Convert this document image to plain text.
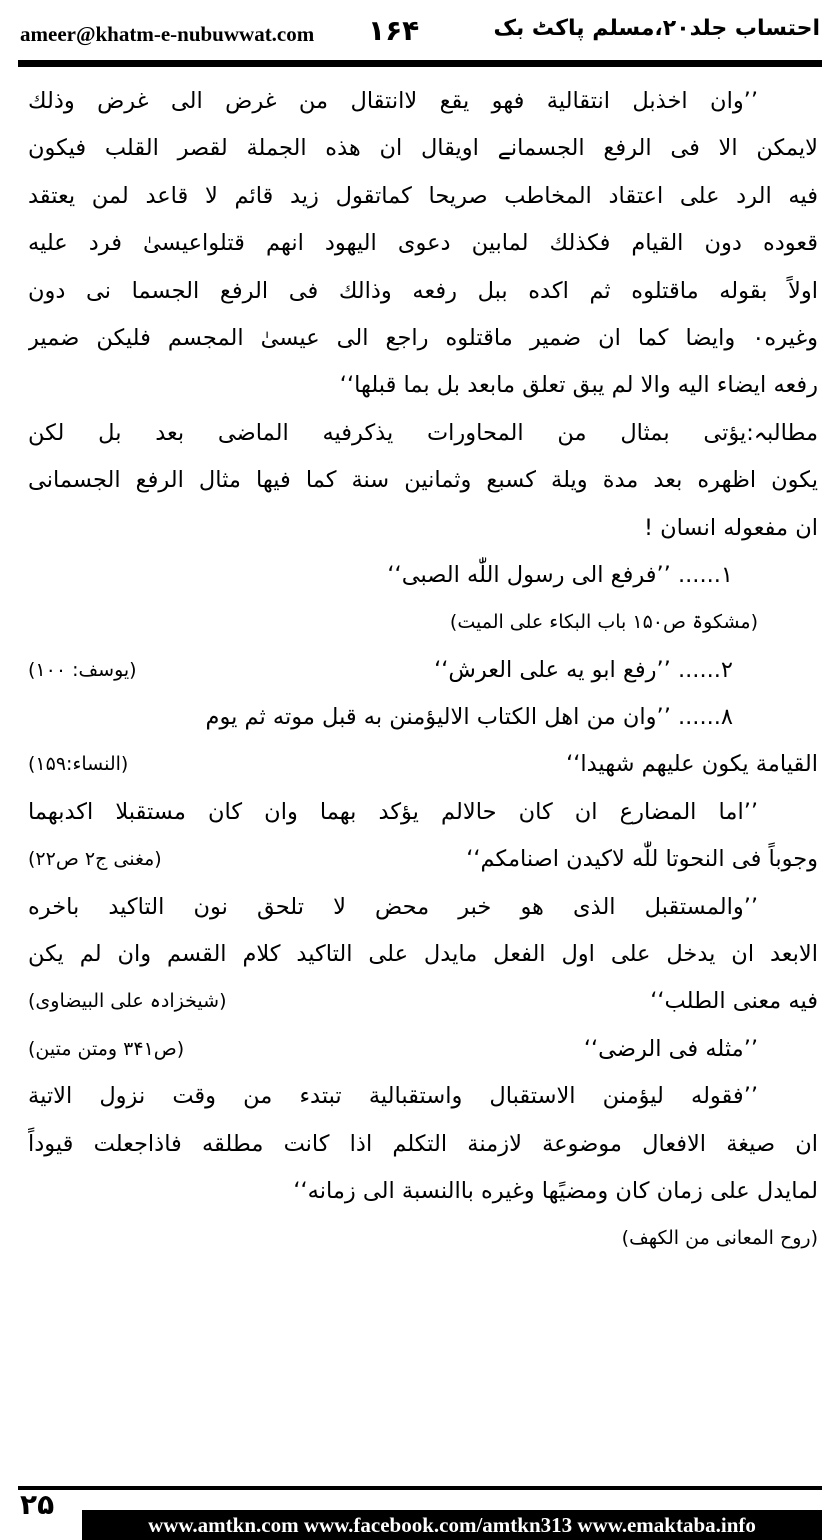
ameer@khatm-e-nubuwwat.com ۱۶۴	احتساب جلد۲۰،مسلم پاکٹ بک
’’وان اخذبل انتقالية فهو يقع لاانتقال من غرض الى غرض وذلك
لايمكن الا فى الرفع الجسمانے اويقال ان هذه الجملة لقصر القلب فيكون
فيه الرد على اعتقاد المخاطب صريحا كماتقول زيد قائم لا قاعد لمن يعتقد
قعوده دون القيام فكذلك لمابين دعوى اليهود انهم قتلواعيسىٰ فرد عليه
اولاً بقوله ماقتلوه ثم اكده ببل رفعه وذالك فى الرفع الجسما نى دون
وغيره٠ وايضا كما ان ضمير ماقتلوه راجع الى عيسىٰ المجسم فليكن ضمير
رفعه ايضاء اليه والا لم يبق تعلق مابعد بل بما قبلها‘‘
مطالبہ:يؤتى بمثال من المحاورات يذكرفيه الماضى بعد بل لكن
يكون اظهره بعد مدة ويلة كسبع وثمانين سنة كما فيها مثال الرفع الجسمانى
ان مفعوله انسان !
۱...... ’’فرفع الى رسول اللّٰه الصبى‘‘
(مشکوۃ ص۱۵۰ باب البکاء علی المیت)
۲...... ’’رفع ابو يه على العرش‘‘
(یوسف: ۱۰۰)
۸...... ’’وان من اهل الكتاب الاليؤمنن به قبل موته ثم يوم
القيامة يكون عليهم شهيدا‘‘
(النساء:۱۵۹)
’’اما المضارع ان كان حالالم يؤكد بهما وان كان مستقبلا اكدبهما
وجوباً فى النحوتا للّٰه لاكيدن اصنامكم‘‘
(مغنی ج۲ ص۲۲)
’’والمستقبل الذى هو خبر محض لا تلحق نون التاكيد باخره
الابعد ان يدخل على اول الفعل مايدل على التاكيد كلام القسم وان لم يكن
فيه معنى الطلب‘‘
(شیخزادہ علی البیضاوی)
’’مثله فى الرضى‘‘
(ص۳۴۱ ومتن متین)
’’فقوله ليؤمنن الاستقبال واستقبالية تبتدء من وقت نزول الاتية
ان صيغة الافعال موضوعة لازمنة التكلم اذا كانت مطلقه فاذاجعلت قيوداً
لمايدل على زمان كان ومضيًها وغيره باالنسبة الى زمانه‘‘
(روح المعانی من الکهف)
۲۵
www.amtkn.com www.facebook.com/amtkn313 www.emaktaba.info
